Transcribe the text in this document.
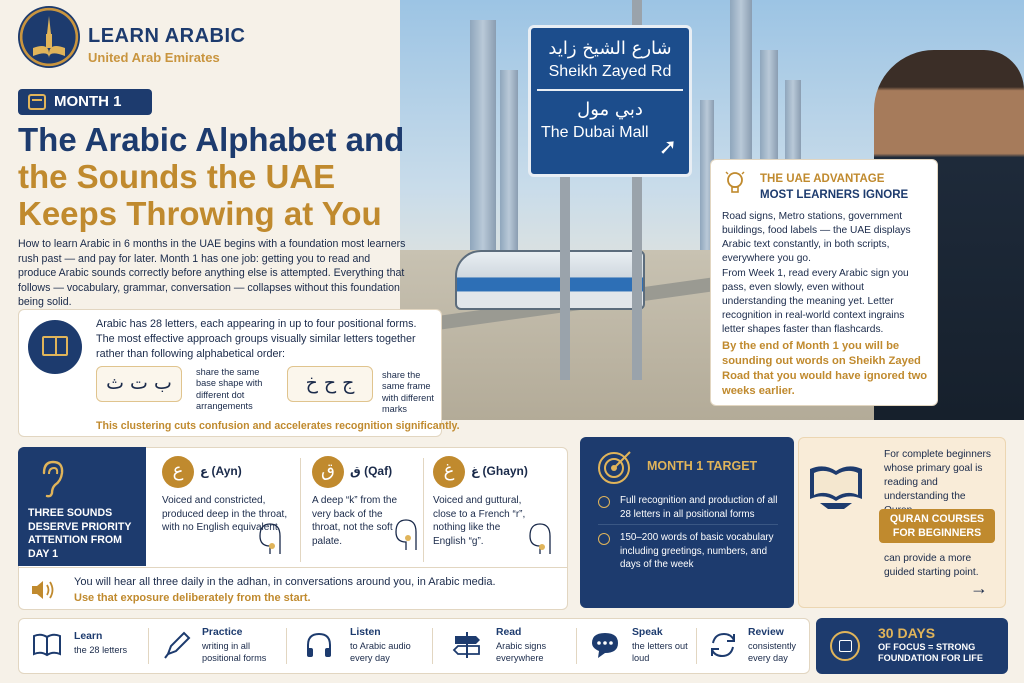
شارع الشيخ زايد
Sheikh Zayed Rd
دبي مول
The Dubai Mall
➚
LEARN ARABIC
United Arab Emirates
MONTH 1
The Arabic Alphabet and
the Sounds the UAE
Keeps Throwing at You
How to learn Arabic in 6 months in the UAE begins with a foundation most learners rush past — and pay for later. Month 1 has one job: getting you to read and produce Arabic sounds correctly before anything else is attempted. Everything that follows — vocabulary, grammar, conversation — collapses without this foundation being solid.
Arabic has 28 letters, each appearing in up to four positional forms. The most effective approach groups visually similar letters together rather than following alphabetical order:
ب ت ث	share the same base shape with different dot arrangements
ج ح خ	share the same frame with different marks
This clustering cuts confusion and accelerates recognition significantly.
THE UAE ADVANTAGE
MOST LEARNERS IGNORE
Road signs, Metro stations, government buildings, food labels — the UAE displays Arabic text constantly, in both scripts, everywhere you go.
From Week 1, read every Arabic sign you pass, even slowly, even without understanding the meaning yet. Letter recognition in real-world context ingrains letter shapes faster than flashcards.
By the end of Month 1 you will be sounding out words on Sheikh Zayed Road that you would have ignored two weeks earlier.
THREE SOUNDS DESERVE PRIORITY ATTENTION FROM DAY 1
ع	ع (Ayn)
Voiced and constricted, produced deep in the throat, with no English equivalent.
ق	ق (Qaf)
A deep “k” from the very back of the throat, not the soft palate.
غ	غ (Ghayn)
Voiced and guttural, close to a French “r”, nothing like the English “g”.
You will hear all three daily in the adhan, in conversations around you, in Arabic media.
Use that exposure deliberately from the start.
MONTH 1 TARGET
Full recognition and production of all 28 letters in all positional forms
150–200 words of basic vocabulary including greetings, numbers, and days of the week
For complete beginners whose primary goal is reading and understanding the
QURAN COURSES FOR BEGINNERS
can provide a more guided starting point.
→
Learn
the 28 letters
Practice
writing in all positional forms
Listen
to Arabic audio every day
Read
Arabic signs everywhere
Speak
the letters out loud
Review
consistently every day
30 DAYS
OF FOCUS = STRONG FOUNDATION FOR LIFE
